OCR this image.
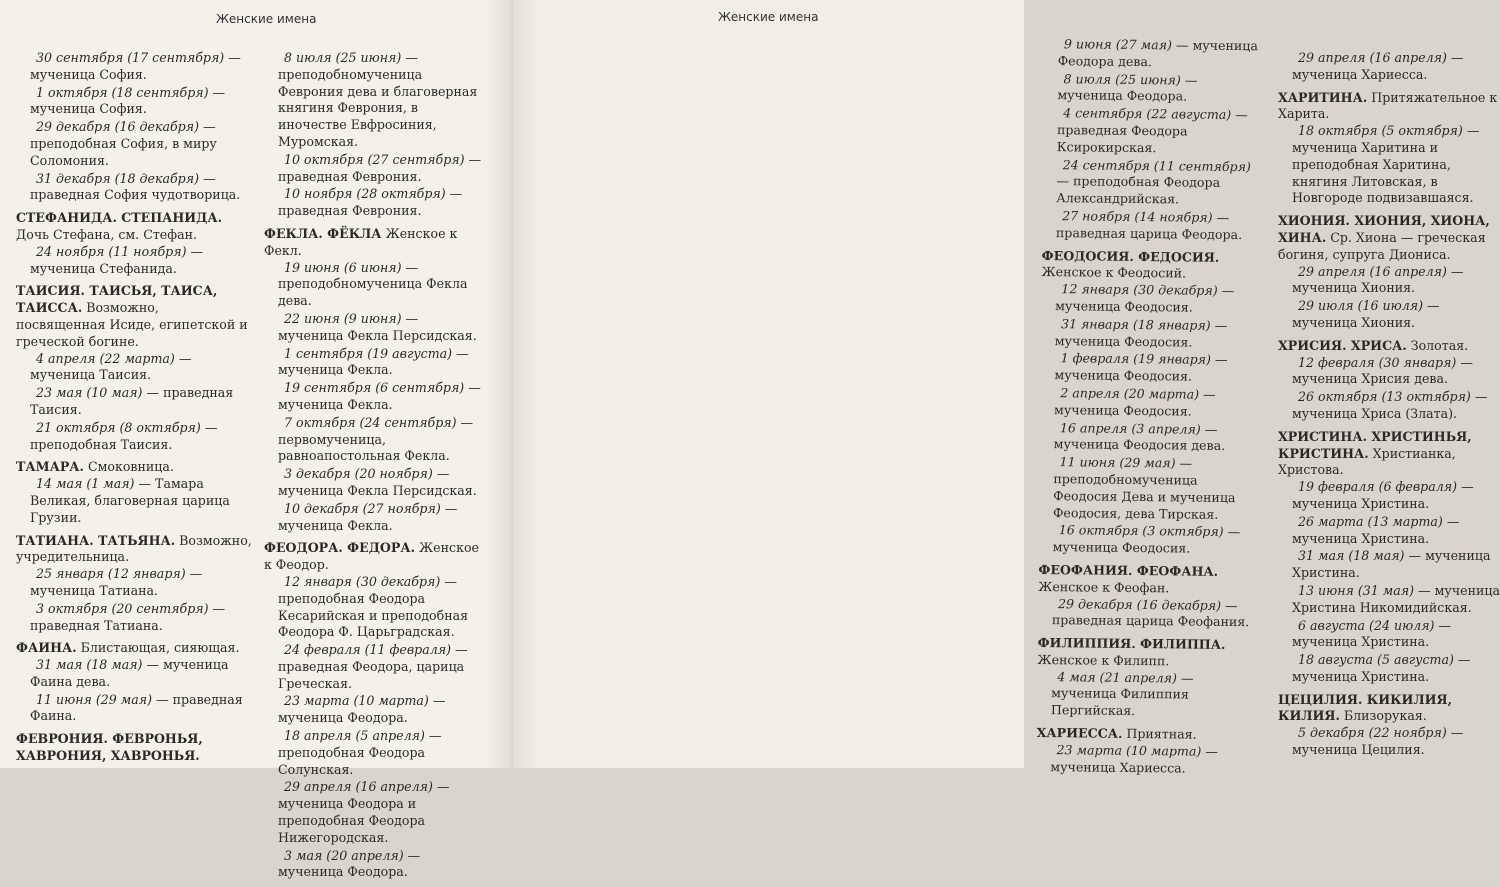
Женские имена
30 сентября (17 сентября) — мученица София.
1 октября (18 сентября) — мученица София.
29 декабря (16 декабря) — преподобная София, в миру Соломония.
31 декабря (18 декабря) — праведная София чудотворица.
СТЕФАНИДА. СТЕПАНИДА. Дочь Стефана, см. Стефан.
24 ноября (11 ноября) — мученица Стефанида.
ТАИСИЯ. ТАИСЬЯ, ТАИСА, ТАИССА. Возможно, посвященная Исиде, египетской и греческой богине.
4 апреля (22 марта) — мученица Таисия.
23 мая (10 мая) — праведная Таисия.
21 октября (8 октября) — преподобная Таисия.
ТАМАРА. Смоковница.
14 мая (1 мая) — Тамара Великая, благоверная царица Грузии.
ТАТИАНА. ТАТЬЯНА. Возможно, учредительница.
25 января (12 января) — мученица Татиана.
3 октября (20 сентября) — праведная Татиана.
ФАИНА. Блистающая, сияющая.
31 мая (18 мая) — мученица Фаина дева.
11 июня (29 мая) — праведная Фаина.
ФЕВРОНИЯ. ФЕВРОНЬЯ, ХАВРОНИЯ, ХАВРОНЬЯ.
8 июля (25 июня) — преподобномученица Феврония дева и благоверная княгиня Феврония, в иночестве Евфросиния, Муромская.
10 октября (27 сентября) — праведная Феврония.
10 ноября (28 октября) — праведная Феврония.
ФЕКЛА. ФЁКЛА Женское к Фекл.
19 июня (6 июня) — преподобномученица Фекла дева.
22 июня (9 июня) — мученица Фекла Персидская.
1 сентября (19 августа) — мученица Фекла.
19 сентября (6 сентября) — мученица Фекла.
7 октября (24 сентября) — первомученица, равноапостольная Фекла.
3 декабря (20 ноября) — мученица Фекла Персидская.
10 декабря (27 ноября) — мученица Фекла.
ФЕОДОРА. ФЕДОРА. Женское к Феодор.
12 января (30 декабря) — преподобная Феодора Кесарийская и преподобная Феодора Ф. Царьградская.
24 февраля (11 февраля) — праведная Феодора, царица Греческая.
23 марта (10 марта) — мученица Феодора.
18 апреля (5 апреля) — преподобная Феодора Солунская.
29 апреля (16 апреля) — мученица Феодора и преподобная Феодора Нижегородская.
3 мая (20 апреля) — мученица Феодора.
Женские имена
9 июня (27 мая) — мученица Феодора дева.
8 июля (25 июня) — мученица Феодора.
4 сентября (22 августа) — праведная Феодора Ксирокирская.
24 сентября (11 сентября) — преподобная Феодора Александрийская.
27 ноября (14 ноября) — праведная царица Феодора.
ФЕОДОСИЯ. ФЕДОСИЯ. Женское к Феодосий.
12 января (30 декабря) — мученица Феодосия.
31 января (18 января) — мученица Феодосия.
1 февраля (19 января) — мученица Феодосия.
2 апреля (20 марта) — мученица Феодосия.
16 апреля (3 апреля) — мученица Феодосия дева.
11 июня (29 мая) — преподобномученица Феодосия Дева и мученица Феодосия, дева Тирская.
16 октября (3 октября) — мученица Феодосия.
ФЕОФАНИЯ. ФЕОФАНА. Женское к Феофан.
29 декабря (16 декабря) — праведная царица Феофания.
ФИЛИППИЯ. ФИЛИППА. Женское к Филипп.
4 мая (21 апреля) — мученица Филиппия Пергийская.
ХАРИЕССА. Приятная.
23 марта (10 марта) — мученица Хариесса.
29 апреля (16 апреля) — мученица Хариесса.
ХАРИТИНА. Притяжательное к Харита.
18 октября (5 октября) — мученица Харитина и преподобная Харитина, княгиня Литовская, в Новгороде подвизавшаяся.
ХИОНИЯ. ХИОНИЯ, ХИОНА, ХИНА. Ср. Хиона — греческая богиня, супруга Диониса.
29 апреля (16 апреля) — мученица Хиония.
29 июля (16 июля) — мученица Хиония.
ХРИСИЯ. ХРИСА. Золотая.
12 февраля (30 января) — мученица Хрисия дева.
26 октября (13 октября) — мученица Хриса (Злата).
ХРИСТИНА. ХРИСТИНЬЯ, КРИСТИНА. Христианка, Христова.
19 февраля (6 февраля) — мученица Христина.
26 марта (13 марта) — мученица Христина.
31 мая (18 мая) — мученица Христина.
13 июня (31 мая) — мученица Христина Никомидийская.
6 августа (24 июля) — мученица Христина.
18 августа (5 августа) — мученица Христина.
ЦЕЦИЛИЯ. КИКИЛИЯ, КИЛИЯ. Близорукая.
5 декабря (22 ноября) — мученица Цецилия.
